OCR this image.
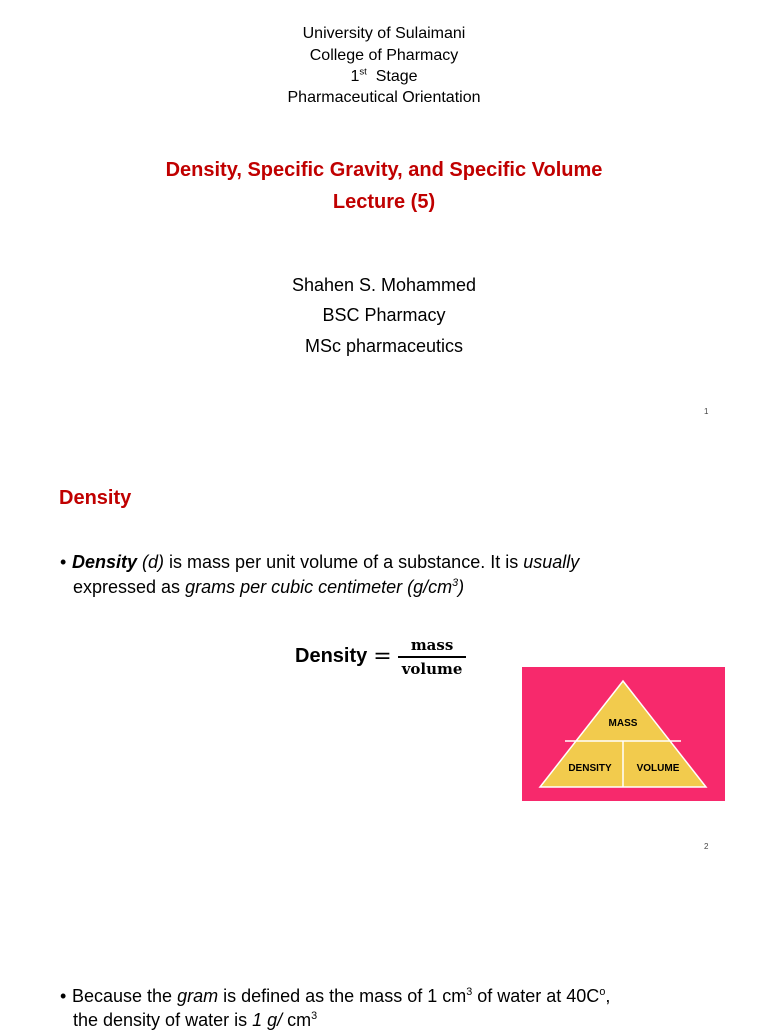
University of Sulaimani
College of Pharmacy
1st Stage
Pharmaceutical Orientation
Density, Specific Gravity, and Specific Volume
Lecture (5)
Shahen S. Mohammed
BSC Pharmacy
MSc pharmaceutics
1
Density
• Density (d) is mass per unit volume of a substance. It is usually
expressed as grams per cubic centimeter $(g/cm^3)$
Density = $\frac{\text{mass}}{\text{volume}}$
MASS
DENSITY VOLUME
2
• Because the gram is defined as the mass of 1 $cm^3$ of water at $40C^o$,
the density of water is 1 g/ $cm^3$
